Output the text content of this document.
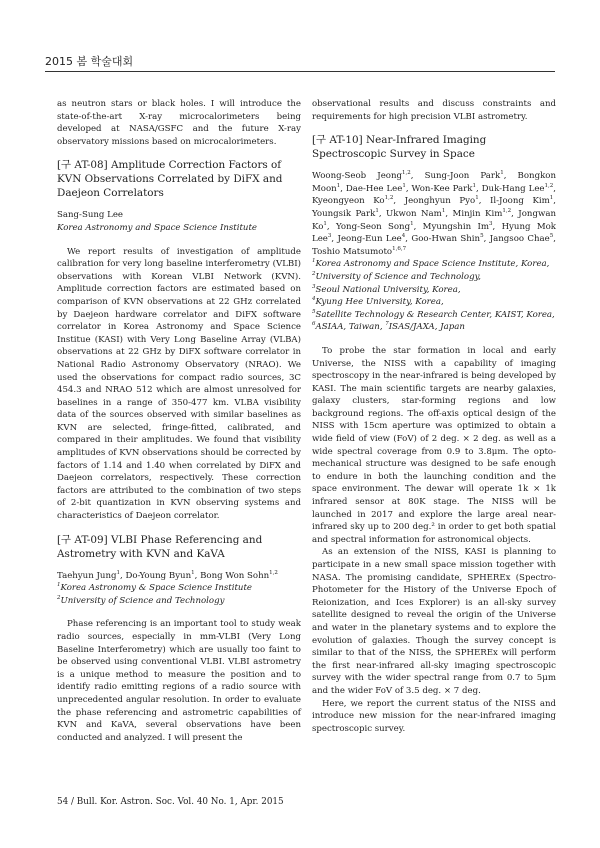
2015 봄 학술대회

as neutron stars or black holes. I will introduce the state-of-the-art X-ray microcalorimeters being developed at NASA/GSFC and the future X-ray observatory missions based on microcalorimeters.

[구 AT-08] Amplitude Correction Factors of KVN Observations Correlated by DiFX and Daejeon Correlators

Sang-Sung Lee

Korea Astronomy and Space Science Institute

We report results of investigation of amplitude calibration for very long baseline interferometry (VLBI) observations with Korean VLBI Network (KVN). Amplitude correction factors are estimated based on comparison of KVN observations at 22 GHz correlated by Daejeon hardware correlator and DiFX software correlator in Korea Astronomy and Space Science Institue (KASI) with Very Long Baseline Array (VLBA) observations at 22 GHz by DiFX software correlator in National Radio Astronomy Observatory (NRAO). We used the observations for compact radio sources, 3C 454.3 and NRAO 512 which are almost unresolved for baselines in a range of 350-477 km. VLBA visibility data of the sources observed with similar baselines as KVN are selected, fringe-fitted, calibrated, and compared in their amplitudes. We found that visibility amplitudes of KVN observations should be corrected by factors of 1.14 and 1.40 when correlated by DiFX and Daejeon correlators, respectively. These correction factors are attributed to the combination of two steps of 2-bit quantization in KVN observing systems and characteristics of Daejeon correlator.

[구 AT-09] VLBI Phase Referencing and Astrometry with KVN and KaVA

Taehyun Jung$^1$, Do-Young Byun$^1$, Bong Won Sohn$^{1,2}$

$^1$Korea Astronomy & Space Science Institute

$^2$University of Science and Technology

Phase referencing is an important tool to study weak radio sources, especially in mm-VLBI (Very Long Baseline Interferometry) which are usually too faint to be observed using conventional VLBI. VLBI astrometry is a unique method to measure the position and to identify radio emitting regions of a radio source with unprecedented angular resolution. In order to evaluate the phase referencing and astrometric capabilities of KVN and KaVA, several observations have been conducted and analyzed. I will present the

observational results and discuss constraints and requirements for high precision VLBI astrometry.

[구 AT-10] Near-Infrared Imaging Spectroscopic Survey in Space

Woong-Seob Jeong$^{1,2}$, Sung-Joon Park$^1$, Bongkon Moon$^1$, Dae-Hee Lee$^1$, Won-Kee Park$^1$, Duk-Hang Lee$^{1,2}$, Kyeongyeon Ko$^{1,2}$, Jeonghyun Pyo$^1$, Il-Joong Kim$^1$, Youngsik Park$^1$, Ukwon Nam$^1$, Minjin Kim$^{1,2}$, Jongwan Ko$^1$, Yong-Seon Song$^1$, Myungshin Im$^3$, Hyung Mok Lee$^3$, Jeong-Eun Lee$^4$, Goo-Hwan Shin$^5$, Jangsoo Chae$^5$, Toshio Matsumoto$^{1,6,7}$

$^1$Korea Astronomy and Space Science Institute, Korea,

$^2$University of Science and Technology,

$^3$Seoul National University, Korea,

$^4$Kyung Hee University, Korea,

$^5$Satellite Technology & Research Center, KAIST, Korea,

$^6$ASIAA, Taiwan, $^7$ISAS/JAXA, Japan

To probe the star formation in local and early Universe, the NISS with a capability of imaging spectroscopy in the near-infrared is being developed by KASI. The main scientific targets are nearby galaxies, galaxy clusters, star-forming regions and low background regions. The off-axis optical design of the NISS with 15cm aperture was optimized to obtain a wide field of view (FoV) of 2 deg. × 2 deg. as well as a wide spectral coverage from 0.9 to 3.8μm. The opto-mechanical structure was designed to be safe enough to endure in both the launching condition and the space environment. The dewar will operate 1k × 1k infrared sensor at 80K stage. The NISS will be launched in 2017 and explore the large areal near-infrared sky up to 200 deg.² in order to get both spatial and spectral information for astronomical objects.

As an extension of the NISS, KASI is planning to participate in a new small space mission together with NASA. The promising candidate, SPHEREx (Spectro-Photometer for the History of the Universe Epoch of Reionization, and Ices Explorer) is an all-sky survey satellite designed to reveal the origin of the Universe and water in the planetary systems and to explore the evolution of galaxies. Though the survey concept is similar to that of the NISS, the SPHEREx will perform the first near-infrared all-sky imaging spectroscopic survey with the wider spectral range from 0.7 to 5μm and the wider FoV of 3.5 deg. × 7 deg.

Here, we report the current status of the NISS and introduce new mission for the near-infrared imaging spectroscopic survey.

54 / Bull. Kor. Astron. Soc. Vol. 40 No. 1, Apr. 2015
